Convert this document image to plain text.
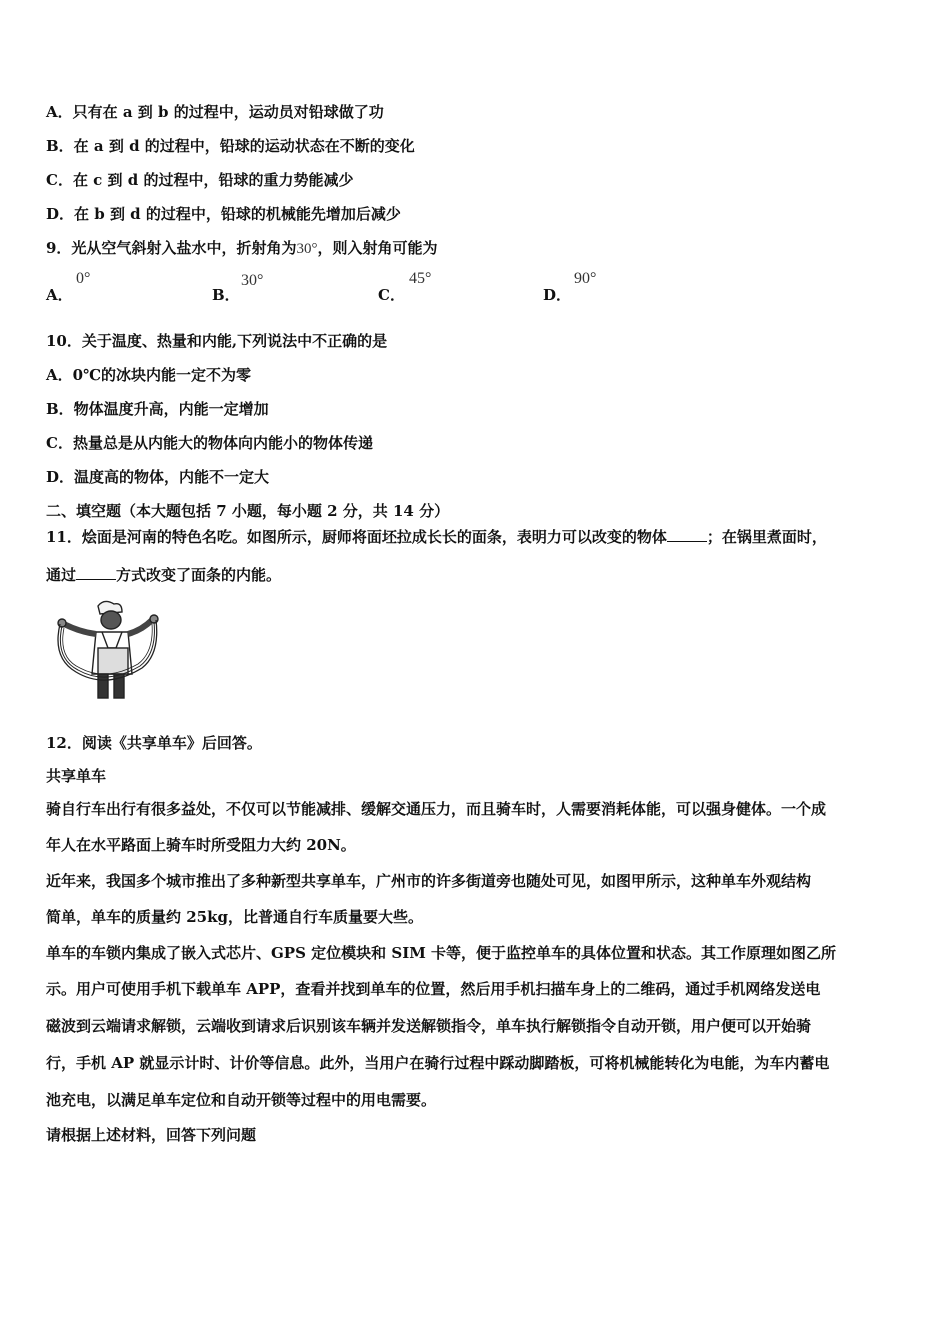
A．只有在 a 到 b 的过程中，运动员对铅球做了功
B．在 a 到 d 的过程中，铅球的运动状态在不断的变化
C．在 c 到 d 的过程中，铅球的重力势能减少
D．在 b 到 d 的过程中，铅球的机械能先增加后减少
9．光从空气斜射入盐水中，折射角为30°，则入射角可能为
A．
0°
B．
30°
C．
45°
D．
90°
10．关于温度、热量和内能,下列说法中不正确的是
A．0℃的冰块内能一定不为零
B．物体温度升高，内能一定增加
C．热量总是从内能大的物体向内能小的物体传递
D．温度高的物体，内能不一定大
二、填空题（本大题包括 7 小题，每小题 2 分，共 14 分）
11．烩面是河南的特色名吃。如图所示，厨师将面坯拉成长长的面条，表明力可以改变的物体	；在锅里煮面时，
通过	方式改变了面条的内能。
12．阅读《共享单车》后回答。
共享单车
骑自行车出行有很多益处，不仅可以节能减排、缓解交通压力，而且骑车时，人需要消耗体能，可以强身健体。一个成
年人在水平路面上骑车时所受阻力大约 20N。
近年来，我国多个城市推出了多种新型共享单车，广州市的许多街道旁也随处可见，如图甲所示，这种单车外观结构
简单，单车的质量约 25kg，比普通自行车质量要大些。
单车的车锁内集成了嵌入式芯片、GPS 定位模块和 SIM 卡等，便于监控单车的具体位置和状态。其工作原理如图乙所
示。用户可使用手机下载单车 APP，查看并找到单车的位置，然后用手机扫描车身上的二维码，通过手机网络发送电
磁波到云端请求解锁，云端收到请求后识别该车辆并发送解锁指令，单车执行解锁指令自动开锁，用户便可以开始骑
行，手机 AP 就显示计时、计价等信息。此外，当用户在骑行过程中踩动脚踏板，可将机械能转化为电能，为车内蓄电
池充电，以满足单车定位和自动开锁等过程中的用电需要。
请根据上述材料，回答下列问题
